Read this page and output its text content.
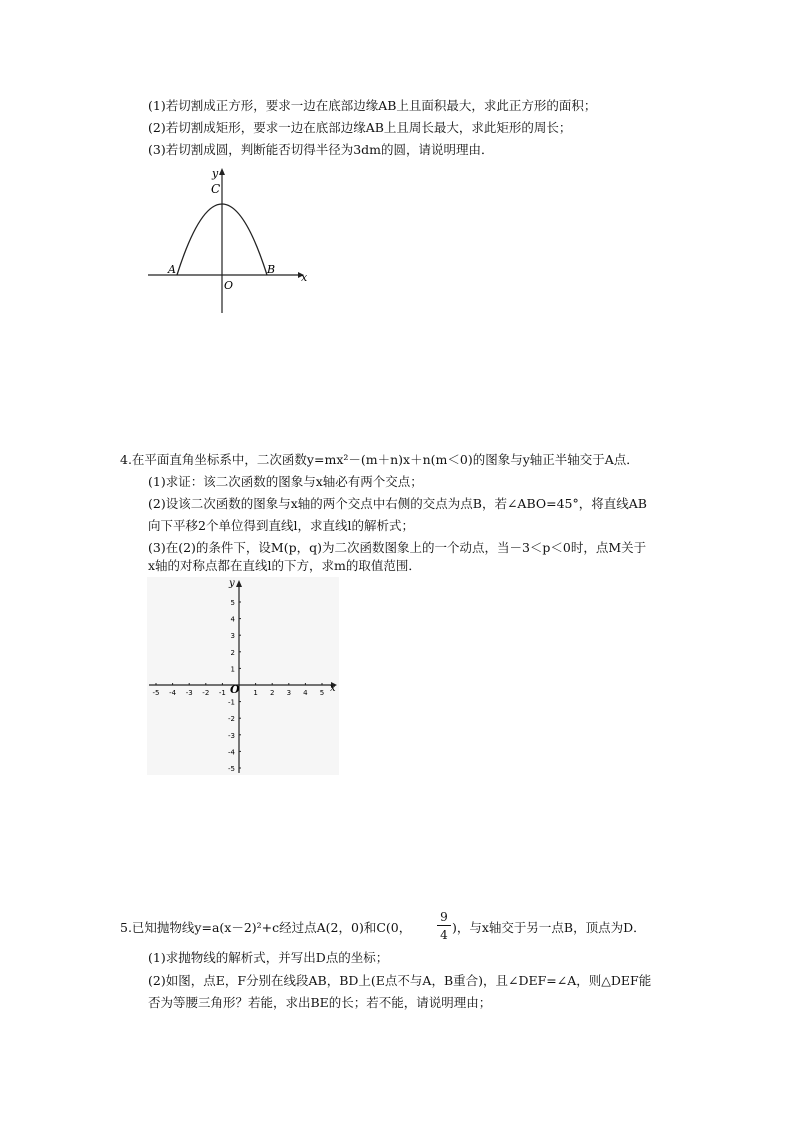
(1)若切割成正方形，要求一边在底部边缘AB上且面积最大，求此正方形的面积；
(2)若切割成矩形，要求一边在底部边缘AB上且周长最大，求此矩形的周长；
(3)若切割成圆，判断能否切得半径为3dm的圆，请说明理由．
y
x
C
A	B
O
4.在平面直角坐标系中，二次函数y=mx²－(m＋n)x＋n(m＜0)的图象与y轴正半轴交于A点．
(1)求证：该二次函数的图象与x轴必有两个交点；
(2)设该二次函数的图象与x轴的两个交点中右侧的交点为点B，若∠ABO=45°，将直线AB
向下平移2个单位得到直线l，求直线l的解析式；
(3)在(2)的条件下，设M(p，q)为二次函数图象上的一个动点，当－3＜p＜0时，点M关于
x轴的对称点都在直线l的下方，求m的取值范围．
x
y
O
-5 -4 -3 -2 -1	1 2 3 4 5
5
4
3
2
1
-1
-2
-3
-4
-5
5.已知抛物线y=a(x－2)²+c经过点A(2，0)和C(0，
9
4 )，与x轴交于另一点B，顶点为D．
(1)求抛物线的解析式，并写出D点的坐标；
(2)如图，点E，F分别在线段AB，BD上(E点不与A，B重合)，且∠DEF=∠A，则△DEF能
否为等腰三角形？若能，求出BE的长；若不能，请说明理由；
